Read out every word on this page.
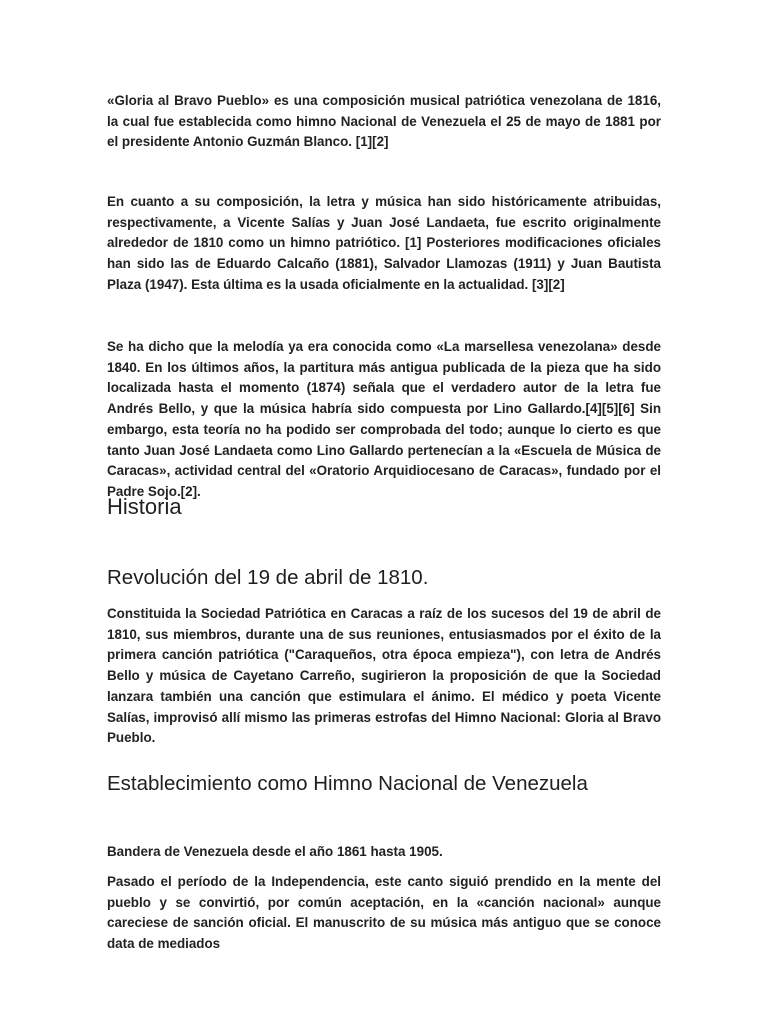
«Gloria al Bravo Pueblo» es una composición musical patriótica venezolana de 1816, la cual fue establecida como himno Nacional de Venezuela el 25 de mayo de 1881 por el presidente Antonio Guzmán Blanco. [1][2]

En cuanto a su composición, la letra y música han sido históricamente atribuidas, respectivamente, a Vicente Salías y Juan José Landaeta, fue escrito originalmente alrededor de 1810 como un himno patriótico. [1] Posteriores modificaciones oficiales han sido las de Eduardo Calcaño (1881), Salvador Llamozas (1911) y Juan Bautista Plaza (1947). Esta última es la usada oficialmente en la actualidad. [3][2]

Se ha dicho que la melodía ya era conocida como «La marsellesa venezolana» desde 1840. En los últimos años, la partitura más antigua publicada de la pieza que ha sido localizada hasta el momento (1874) señala que el verdadero autor de la letra fue Andrés Bello, y que la música habría sido compuesta por Lino Gallardo.[4][5][6] Sin embargo, esta teoría no ha podido ser comprobada del todo; aunque lo cierto es que tanto Juan José Landaeta como Lino Gallardo pertenecían a la «Escuela de Música de Caracas», actividad central del «Oratorio Arquidiocesano de Caracas», fundado por el Padre Sojo.[2].

Historia
Revolución del 19 de abril de 1810.

Constituida la Sociedad Patriótica en Caracas a raíz de los sucesos del 19 de abril de 1810, sus miembros, durante una de sus reuniones, entusiasmados por el éxito de la primera canción patriótica ("Caraqueños, otra época empieza"), con letra de Andrés Bello y música de Cayetano Carreño, sugirieron la proposición de que la Sociedad lanzara también una canción que estimulara el ánimo. El médico y poeta Vicente Salías, improvisó allí mismo las primeras estrofas del Himno Nacional: Gloria al Bravo Pueblo.

Establecimiento como Himno Nacional de Venezuela

Bandera de Venezuela desde el año 1861 hasta 1905.

Pasado el período de la Independencia, este canto siguió prendido en la mente del pueblo y se convirtió, por común aceptación, en la «canción nacional» aunque careciese de sanción oficial. El manuscrito de su música más antiguo que se conoce data de mediados
